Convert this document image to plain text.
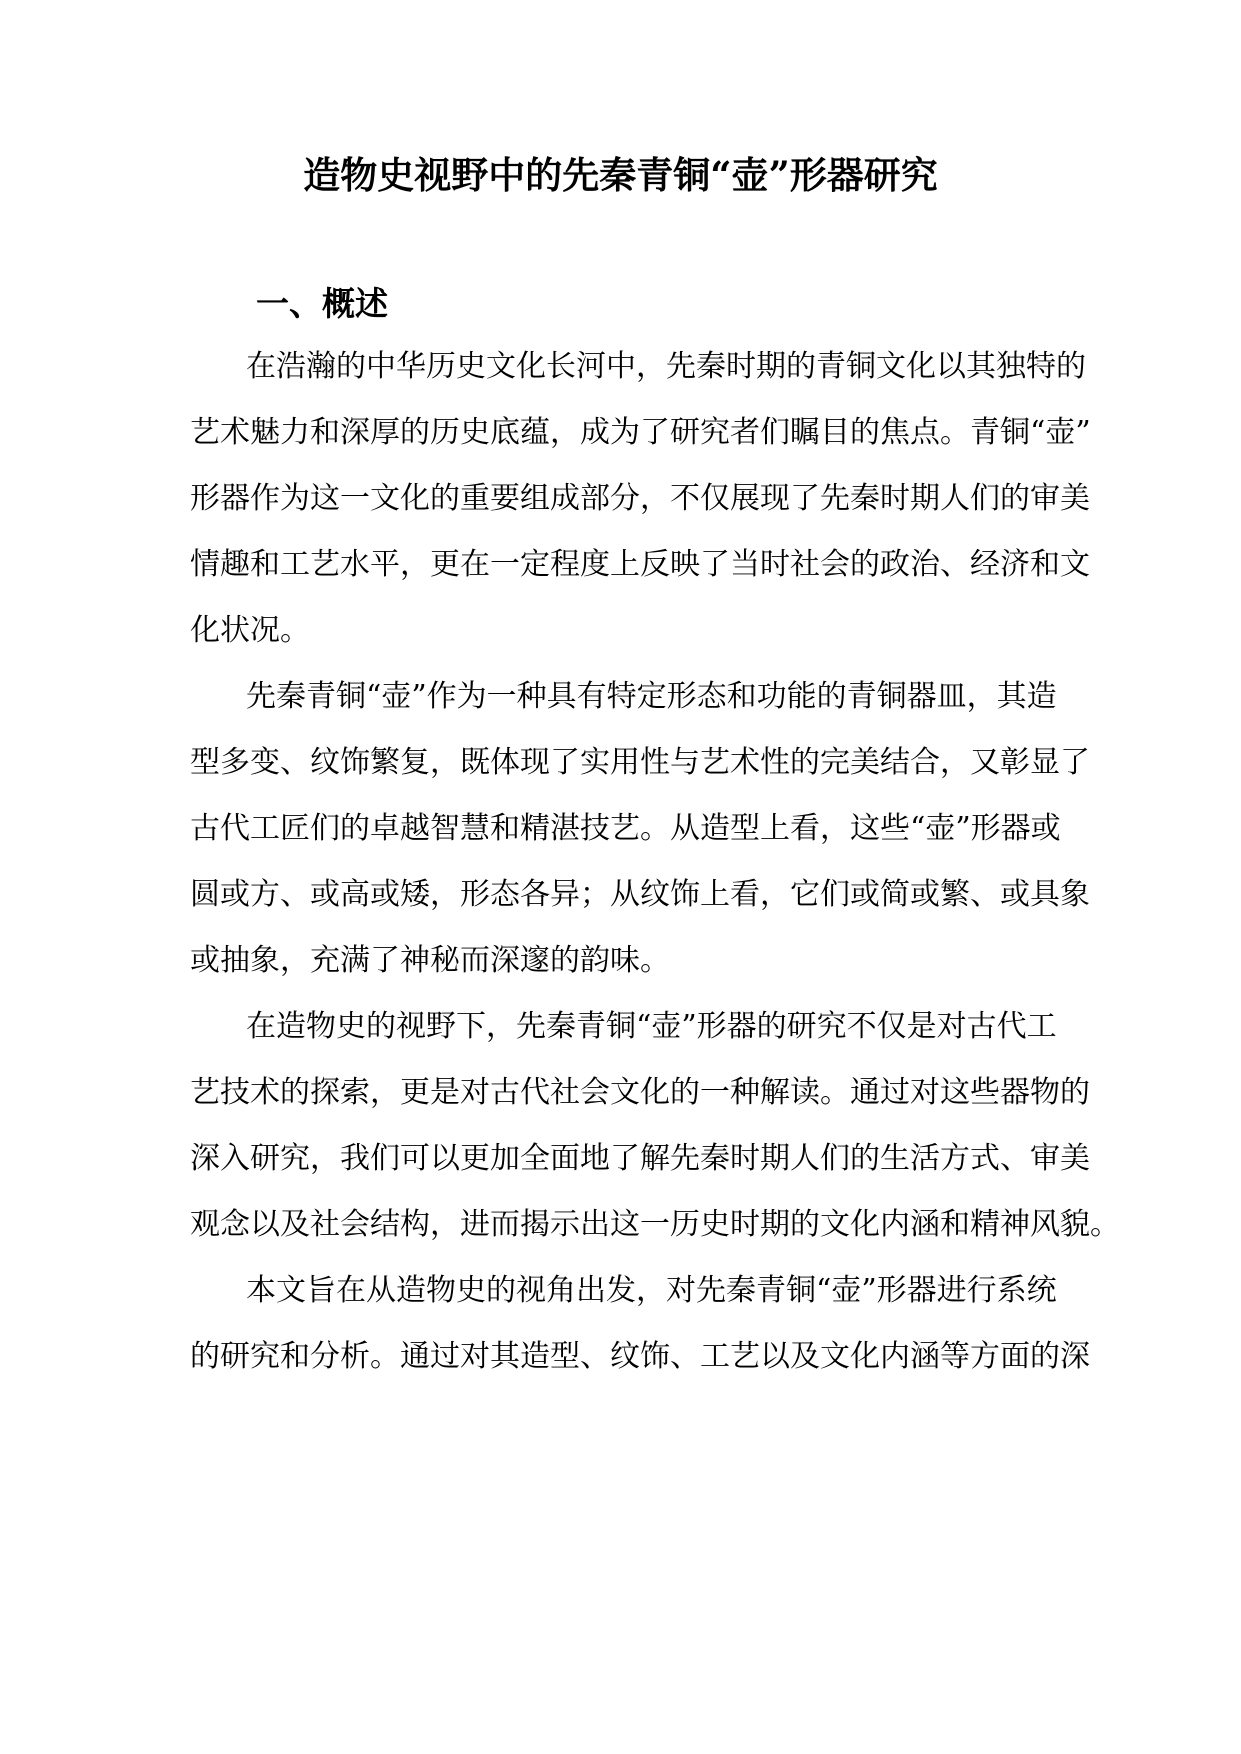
造物史视野中的先秦青铜“壶”形器研究
一、概述
在浩瀚的中华历史文化长河中，先秦时期的青铜文化以其独特的
艺术魅力和深厚的历史底蕴，成为了研究者们瞩目的焦点。青铜“壶”
形器作为这一文化的重要组成部分，不仅展现了先秦时期人们的审美
情趣和工艺水平，更在一定程度上反映了当时社会的政治、经济和文
化状况。
先秦青铜“壶”作为一种具有特定形态和功能的青铜器皿，其造
型多变、纹饰繁复，既体现了实用性与艺术性的完美结合，又彰显了
古代工匠们的卓越智慧和精湛技艺。从造型上看，这些“壶”形器或
圆或方、或高或矮，形态各异；从纹饰上看，它们或简或繁、或具象
或抽象，充满了神秘而深邃的韵味。
在造物史的视野下，先秦青铜“壶”形器的研究不仅是对古代工
艺技术的探索，更是对古代社会文化的一种解读。通过对这些器物的
深入研究，我们可以更加全面地了解先秦时期人们的生活方式、审美
观念以及社会结构，进而揭示出这一历史时期的文化内涵和精神风貌。
本文旨在从造物史的视角出发，对先秦青铜“壶”形器进行系统
的研究和分析。通过对其造型、纹饰、工艺以及文化内涵等方面的深
